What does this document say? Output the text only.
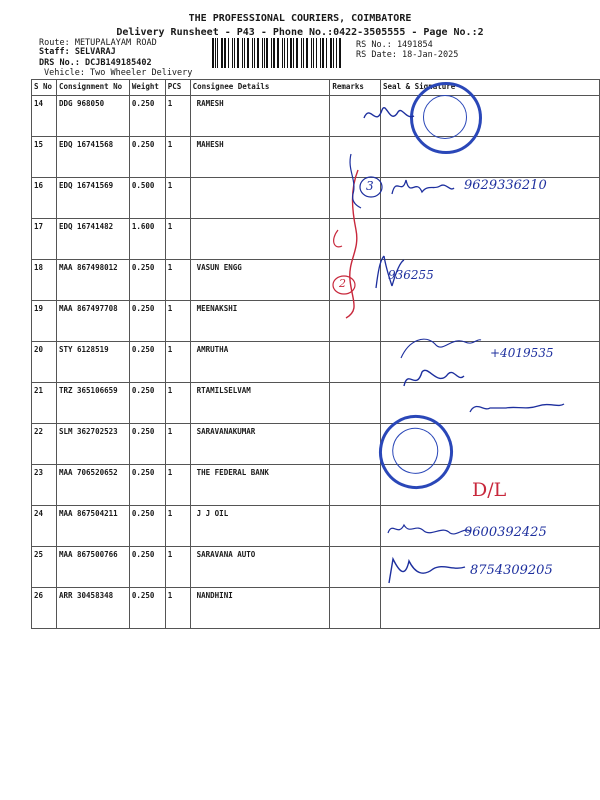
THE PROFESSIONAL COURIERS, COIMBATORE
Delivery Runsheet - P43 - Phone No.:0422-3505555 - Page No.:2
Route: METUPALAYAM ROAD
Staff: SELVARAJ
DRS No.: DCJB149185402
Vehicle: Two Wheeler Delivery
RS No.: 1491854
RS Date: 18-Jan-2025
S No	Consignment No	Weight	PCS	Consignee Details	Remarks	Seal & Signature
14	DDG 968050	0.250	1	RAMESH		
15	EDQ 16741568	0.250	1	MAHESH		
16	EDQ 16741569	0.500	1			
17	EDQ 16741482	1.600	1			
18	MAA 867498012	0.250	1	VASUN ENGG		
19	MAA 867497708	0.250	1	MEENAKSHI		
20	STY 6128519	0.250	1	AMRUTHA		
21	TRZ 365106659	0.250	1	RTAMILSELVAM		
22	SLM 362702523	0.250	1	SARAVANAKUMAR		
23	MAA 706520652	0.250	1	THE FEDERAL BANK		
24	MAA 867504211	0.250	1	J J OIL		
25	MAA 867500766	0.250	1	SARAVANA AUTO		
26	ARR 30458348	0.250	1	NANDHINI		
2
3	9629336210
936255
+4019535
9600392425
8754309205
D/L
